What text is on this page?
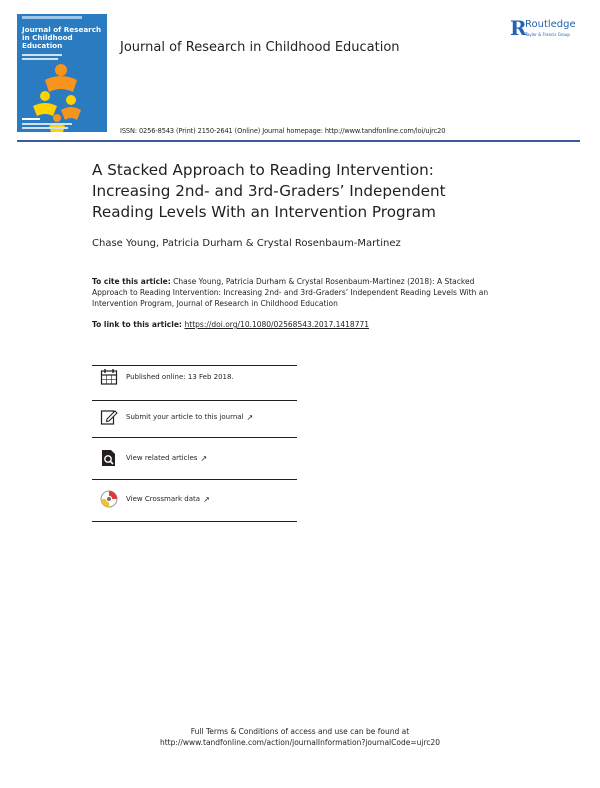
Journal of Research in Childhood Education	Journal of Research in Childhood Education
R
Routledge
Taylor & Francis Group
ISSN: 0256-8543 (Print) 2150-2641 (Online) Journal homepage: http://www.tandfonline.com/loi/ujrc20
A Stacked Approach to Reading Intervention:
Increasing 2nd- and 3rd-Graders’ Independent
Reading Levels With an Intervention Program
Chase Young, Patricia Durham & Crystal Rosenbaum-Martinez
To cite this article: Chase Young, Patricia Durham & Crystal Rosenbaum-Martinez (2018): A Stacked Approach to Reading Intervention: Increasing 2nd- and 3rd-Graders’ Independent Reading Levels With an Intervention Program, Journal of Research in Childhood Education
To link to this article: https://doi.org/10.1080/02568543.2017.1418771
Published online: 13 Feb 2018.
Submit your article to this journal ↗
View related articles ↗
View Crossmark data ↗
Full Terms & Conditions of access and use can be found at
http://www.tandfonline.com/action/journalInformation?journalCode=ujrc20
